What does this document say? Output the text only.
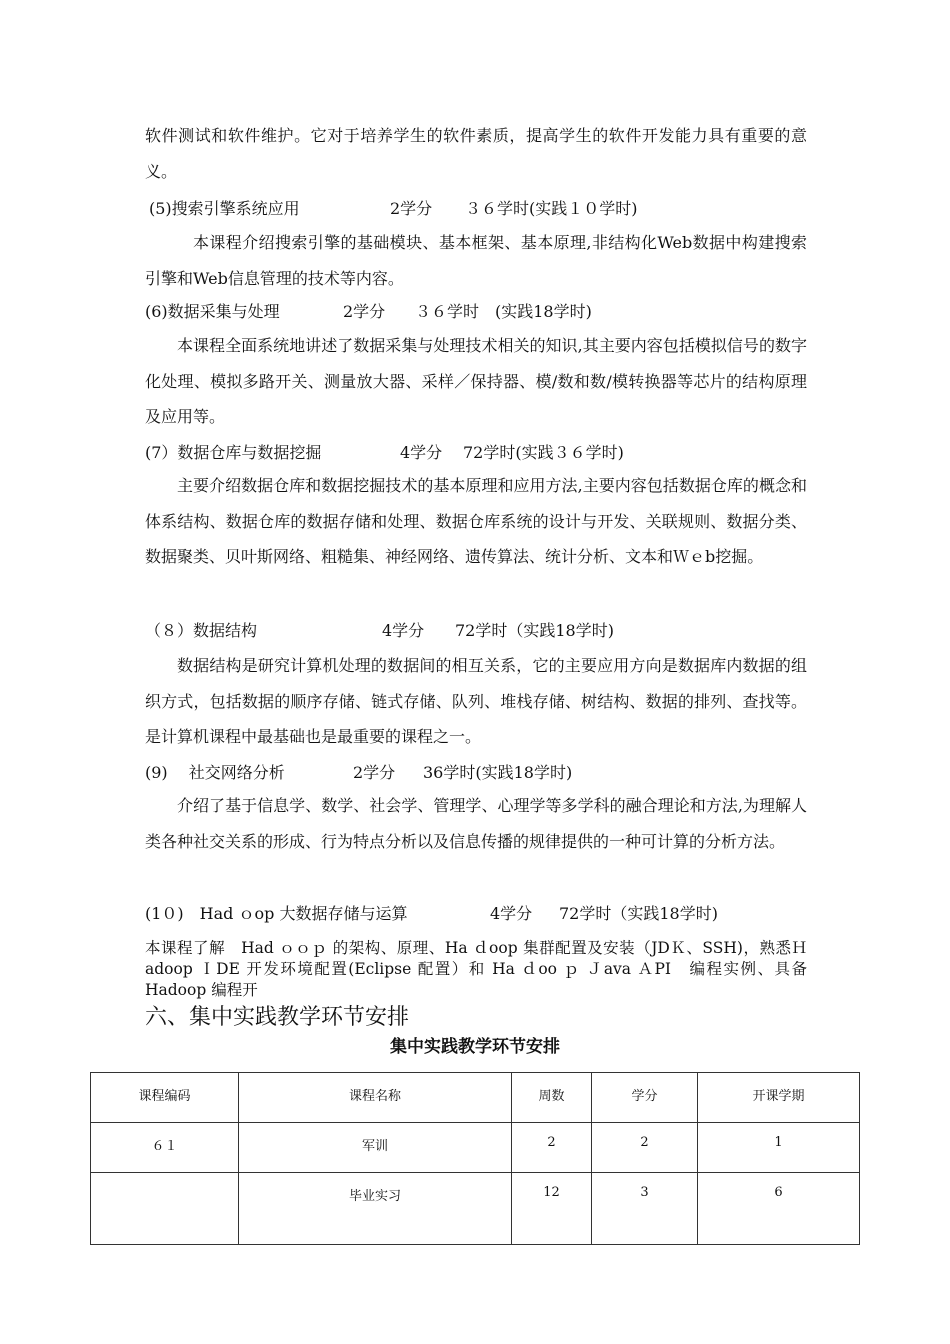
软件测试和软件维护。它对于培养学生的软件素质，提高学生的软件开发能力具有重要的意义。
(5)搜索引擎系统应用	2学分 ３６学时(实践１０学时)
本课程介绍搜索引擎的基础模块、基本框架、基本原理,非结构化Web数据中构建搜索引擎和Web信息管理的技术等内容。
(6)数据采集与处理	2学分 ３６学时　(实践18学时)
本课程全面系统地讲述了数据采集与处理技术相关的知识,其主要内容包括模拟信号的数字化处理、模拟多路开关、测量放大器、采样／保持器、模/数和数/模转换器等芯片的结构原理及应用等。
(7）数据仓库与数据挖掘	4学分 72学时(实践３６学时)
主要介绍数据仓库和数据挖掘技术的基本原理和应用方法,主要内容包括数据仓库的概念和体系结构、数据仓库的数据存储和处理、数据仓库系统的设计与开发、关联规则、数据分类、数据聚类、贝叶斯网络、粗糙集、神经网络、遗传算法、统计分析、文本和Ｗｅb挖掘。
（８）数据结构	4学分 72学时（实践18学时)
数据结构是研究计算机处理的数据间的相互关系，它的主要应用方向是数据库内数据的组织方式，包括数据的顺序存储、链式存储、队列、堆栈存储、树结构、数据的排列、查找等。是计算机课程中最基础也是最重要的课程之一。
(9)　 社交网络分析	2学分 36学时(实践18学时)
介绍了基于信息学、数学、社会学、管理学、心理学等多学科的融合理论和方法,为理解人类各种社交关系的形成、行为特点分析以及信息传播的规律提供的一种可计算的分析方法。
(1０)　Had ｏop 大数据存储与运算	4学分 72学时（实践18学时)
本课程了解　Had ｏｏｐ 的架构、原理、Ha ｄoop 集群配置及安装（JDＫ、SSH)，熟悉Ｈadoop ＩDE 开发环境配置(Eclipse 配置）和 Ha ｄoo ｐ Ｊava ＡPI　编程实例、具备　Hadoop 编程开
六、集中实践教学环节安排
集中实践教学环节安排
课程编码	课程名称	周数	学分	开课学期
６１	军训	2	2	1
	毕业实习	12	3	6
